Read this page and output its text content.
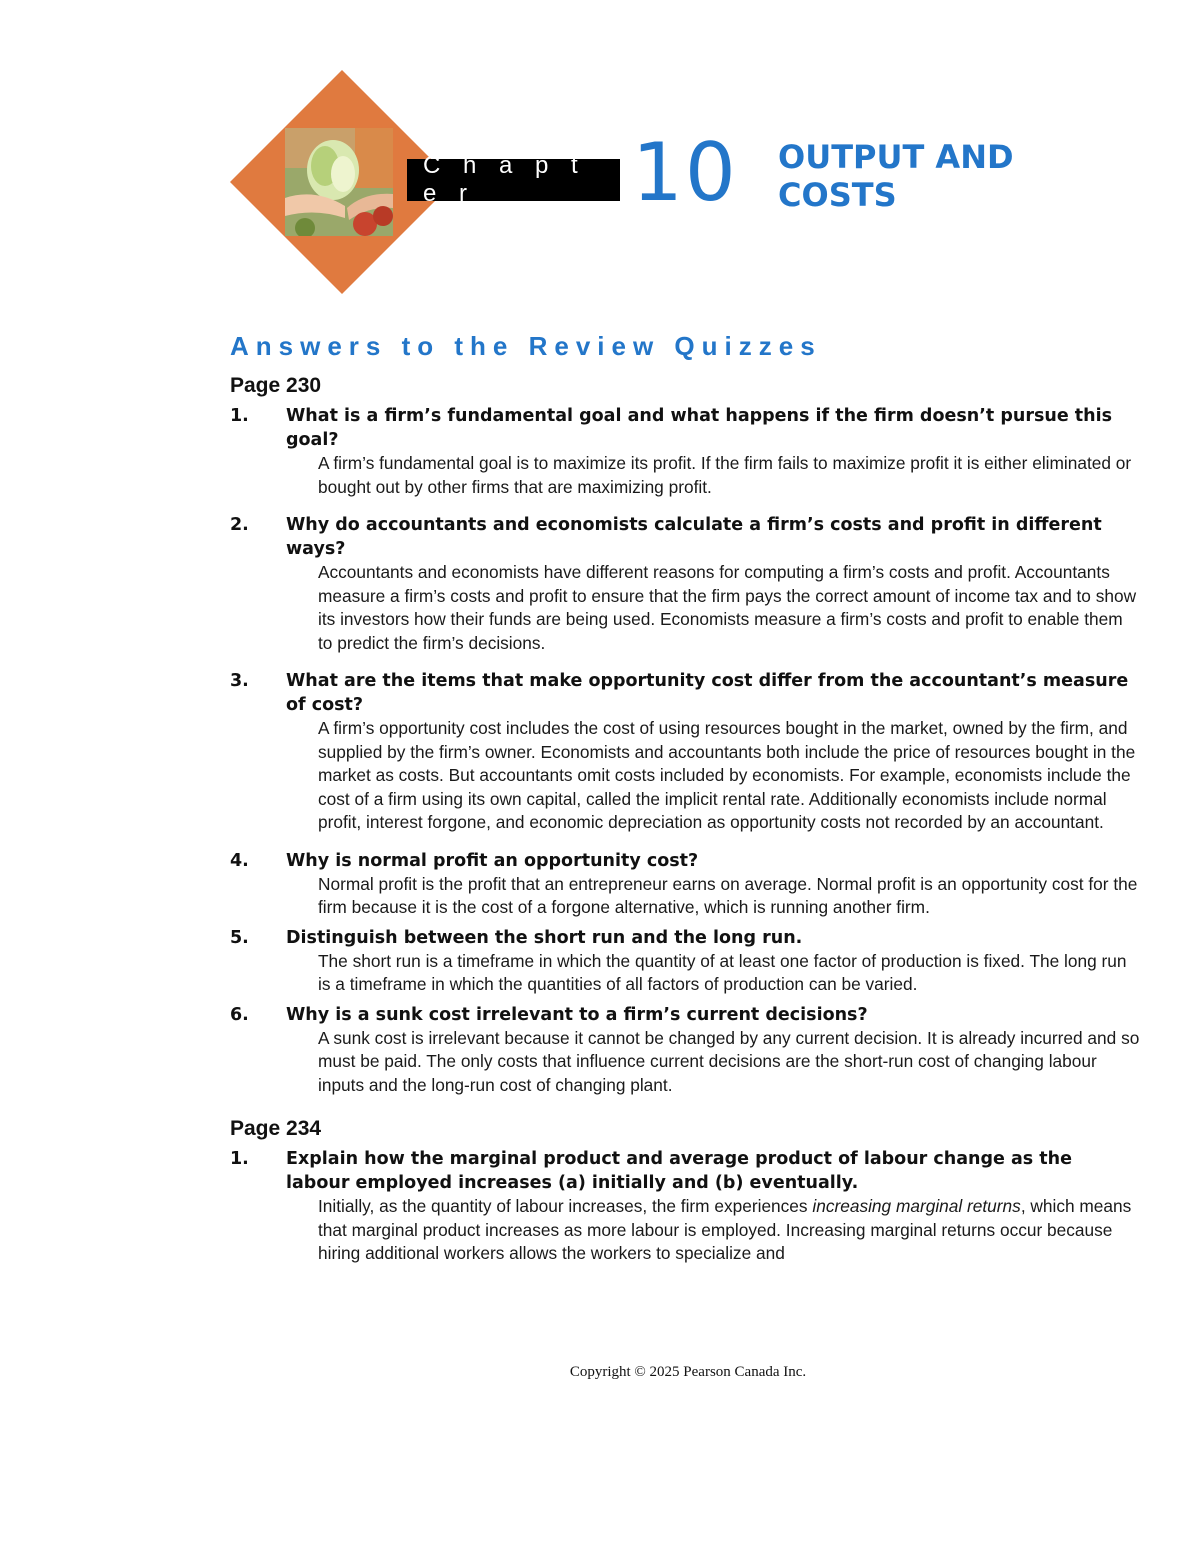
C h a p t e r	10 OUTPUT AND COSTS
Answers to the Review Quizzes
Page 230
1.	What is a firm’s fundamental goal and what happens if the firm doesn’t pursue this goal?
A firm’s fundamental goal is to maximize its profit. If the firm fails to maximize profit it is either eliminated or bought out by other firms that are maximizing profit.
2.	Why do accountants and economists calculate a firm’s costs and profit in different ways?
Accountants and economists have different reasons for computing a firm’s costs and profit. Accountants measure a firm’s costs and profit to ensure that the firm pays the correct amount of income tax and to show its investors how their funds are being used. Economists measure a firm’s costs and profit to enable them to predict the firm’s decisions.
3.	What are the items that make opportunity cost differ from the accountant’s measure of cost?
A firm’s opportunity cost includes the cost of using resources bought in the market, owned by the firm, and supplied by the firm’s owner. Economists and accountants both include the price of resources bought in the market as costs. But accountants omit costs included by economists. For example, economists include the cost of a firm using its own capital, called the implicit rental rate. Additionally economists include normal profit, interest forgone, and economic depreciation as opportunity costs not recorded by an accountant.
4.	Why is normal profit an opportunity cost?
Normal profit is the profit that an entrepreneur earns on average. Normal profit is an opportunity cost for the firm because it is the cost of a forgone alternative, which is running another firm.
5.	Distinguish between the short run and the long run.
The short run is a timeframe in which the quantity of at least one factor of production is fixed. The long run is a timeframe in which the quantities of all factors of production can be varied.
6.	Why is a sunk cost irrelevant to a firm’s current decisions?
A sunk cost is irrelevant because it cannot be changed by any current decision. It is already incurred and so must be paid. The only costs that influence current decisions are the short-run cost of changing labour inputs and the long-run cost of changing plant.
Page 234
1.	Explain how the marginal product and average product of labour change as the labour employed increases (a) initially and (b) eventually.
Initially, as the quantity of labour increases, the firm experiences increasing marginal returns, which means that marginal product increases as more labour is employed. Increasing marginal returns occur because hiring additional workers allows the workers to specialize and
Copyright © 2025 Pearson Canada Inc.
